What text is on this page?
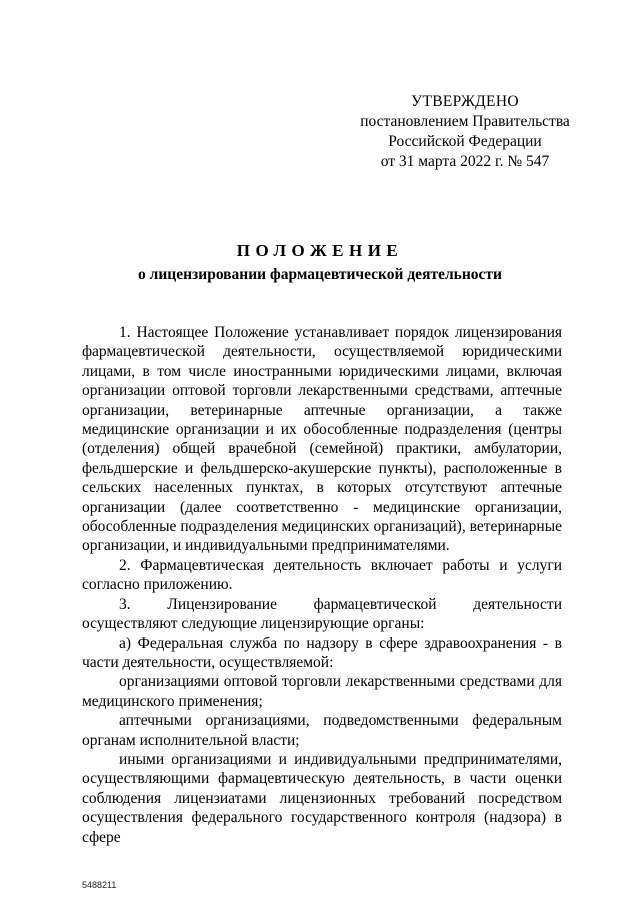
УТВЕРЖДЕНО
постановлением Правительства
Российской Федерации
от 31 марта 2022 г. № 547
ПОЛОЖЕНИЕ
о лицензировании фармацевтической деятельности

1. Настоящее Положение устанавливает порядок лицензирования фармацевтической деятельности, осуществляемой юридическими лицами, в том числе иностранными юридическими лицами, включая организации оптовой торговли лекарственными средствами, аптечные организации, ветеринарные аптечные организации, а также медицинские организации и их обособленные подразделения (центры (отделения) общей врачебной (семейной) практики, амбулатории, фельдшерские и фельдшерско-акушерские пункты), расположенные в сельских населенных пунктах, в которых отсутствуют аптечные организации (далее соответственно - медицинские организации, обособленные подразделения медицинских организаций), ветеринарные организации, и индивидуальными предпринимателями.

2. Фармацевтическая деятельность включает работы и услуги согласно приложению.

3. Лицензирование фармацевтической деятельности осуществляют следующие лицензирующие органы:

а) Федеральная служба по надзору в сфере здравоохранения - в части деятельности, осуществляемой:

организациями оптовой торговли лекарственными средствами для медицинского применения;

аптечными организациями, подведомственными федеральным органам исполнительной власти;

иными организациями и индивидуальными предпринимателями, осуществляющими фармацевтическую деятельность, в части оценки соблюдения лицензиатами лицензионных требований посредством осуществления федерального государственного контроля (надзора) в сфере

5488211
